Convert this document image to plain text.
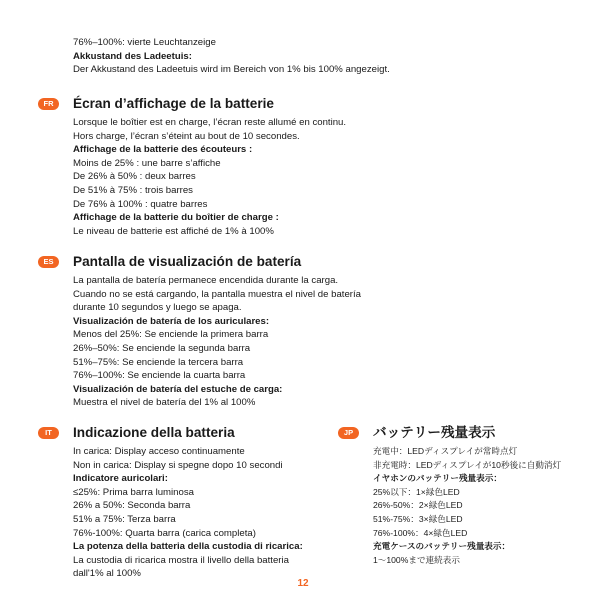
76%–100%: vierte Leuchtanzeige
Akkustand des Ladeetuis:
Der Akkustand des Ladeetuis wird im Bereich von 1% bis 100% angezeigt.
FR	Écran d’affichage de la batterie
Lorsque le boîtier est en charge, l’écran reste allumé en continu.
Hors charge, l’écran s’éteint au bout de 10 secondes.
Affichage de la batterie des écouteurs :
Moins de 25% : une barre s’affiche
De 26% à 50% : deux barres
De 51% à 75% : trois barres
De 76% à 100% : quatre barres
Affichage de la batterie du boîtier de charge :
Le niveau de batterie est affiché de 1% à 100%
ES	Pantalla de visualización de batería
La pantalla de batería permanece encendida durante la carga.
Cuando no se está cargando, la pantalla muestra el nivel de batería
durante 10 segundos y luego se apaga.
Visualización de batería de los auriculares:
Menos del 25%: Se enciende la primera barra
26%–50%: Se enciende la segunda barra
51%–75%: Se enciende la tercera barra
76%–100%: Se enciende la cuarta barra
Visualización de batería del estuche de carga:
Muestra el nivel de batería del 1% al 100%
IT	Indicazione della batteria
In carica: Display acceso continuamente
Non in carica: Display si spegne dopo 10 secondi
Indicatore auricolari:
≤25%: Prima barra luminosa
26% a 50%: Seconda barra
51% a 75%: Terza barra
76%-100%: Quarta barra (carica completa)
La potenza della batteria della custodia di ricarica:
La custodia di ricarica mostra il livello della batteria
dall'1% al 100%
JP	バッテリー残量表示
充電中：LEDディスプレイが常時点灯
非充電時：LEDディスプレイが10秒後に自動消灯
イヤホンのバッテリー残量表示：
25%以下：1×緑色LED
26%-50%：2×緑色LED
51%-75%：3×緑色LED
76%-100%：4×緑色LED
充電ケースのバッテリー残量表示：
1～100%まで連続表示
12
